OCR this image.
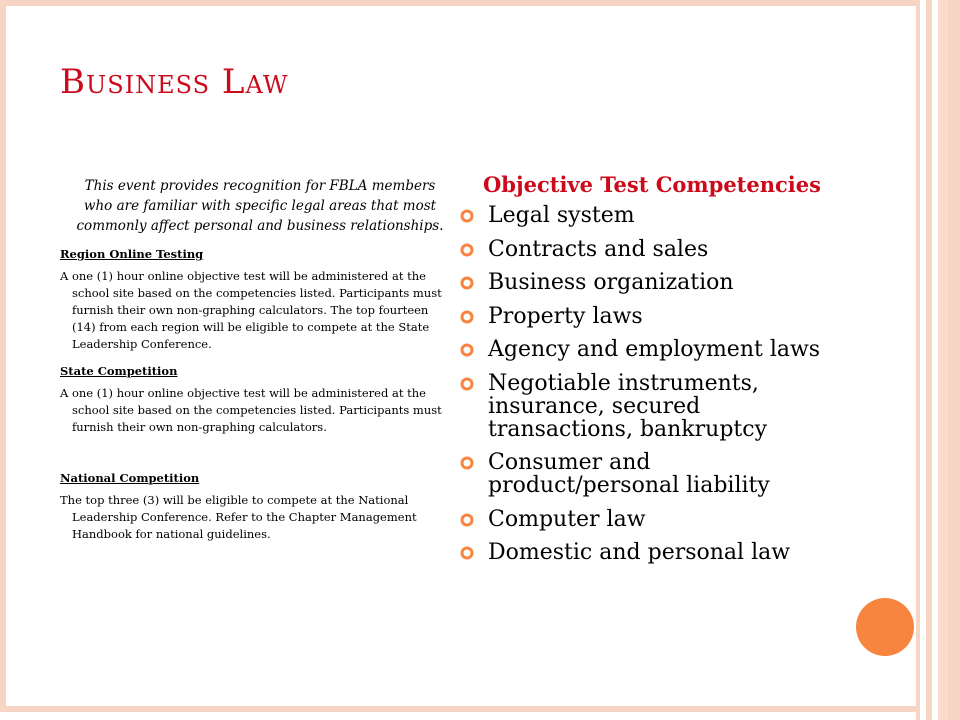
Business Law

This event provides recognition for FBLA members who are familiar with specific legal areas that most commonly affect personal and business relationships.

Region Online Testing

A one (1) hour online objective test will be administered at the school site based on the competencies listed. Participants must furnish their own non-graphing calculators. The top fourteen (14) from each region will be eligible to compete at the State Leadership Conference.

State Competition

A one (1) hour online objective test will be administered at the school site based on the competencies listed. Participants must furnish their own non-graphing calculators.

National Competition

The top three (3) will be eligible to compete at the National Leadership Conference. Refer to the Chapter Management Handbook for national guidelines.

Objective Test Competencies
Legal system
Contracts and sales
Business organization
Property laws
Agency and employment laws
Negotiable instruments, insurance, secured transactions, bankruptcy
Consumer and product/personal liability
Computer law
Domestic and personal law
